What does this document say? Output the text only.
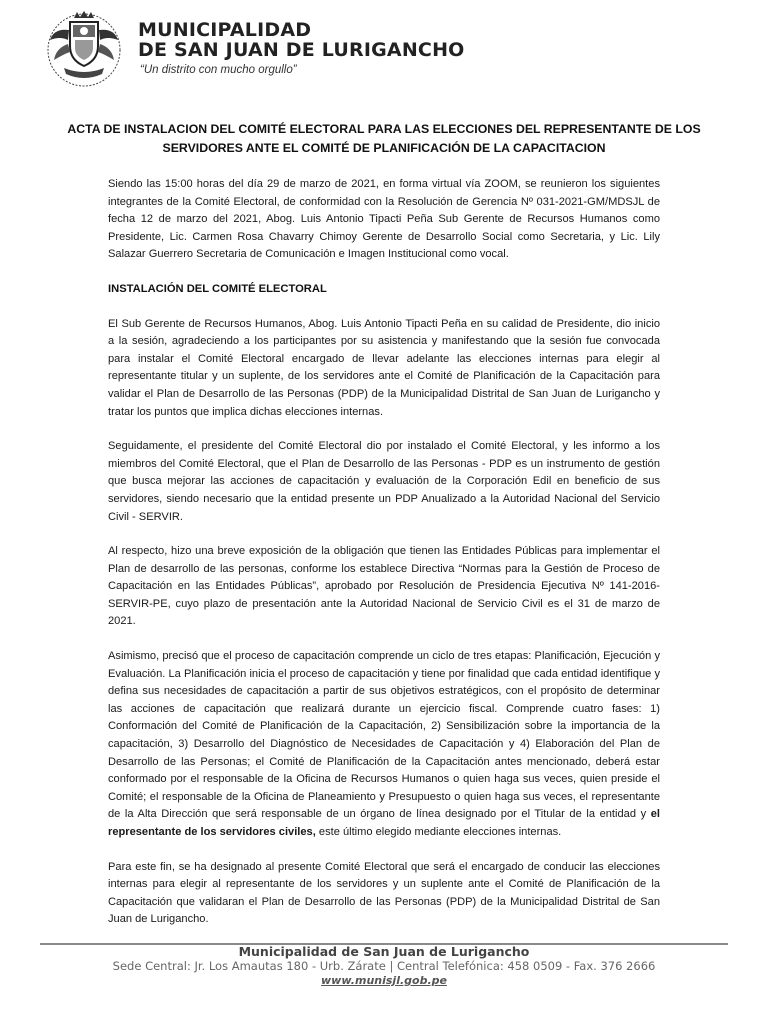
MUNICIPALIDAD
DE SAN JUAN DE LURIGANCHO
“Un distrito con mucho orgullo”
ACTA DE INSTALACION DEL COMITÉ ELECTORAL PARA LAS ELECCIONES DEL REPRESENTANTE DE LOS SERVIDORES ANTE EL COMITÉ DE PLANIFICACIÓN DE LA CAPACITACION

Siendo las 15:00 horas del día 29 de marzo de 2021, en forma virtual vía ZOOM, se reunieron los siguientes integrantes de la Comité Electoral, de conformidad con la Resolución de Gerencia Nº 031-2021-GM/MDSJL de fecha 12 de marzo del 2021, Abog. Luis Antonio Tipacti Peña Sub Gerente de Recursos Humanos como Presidente, Lic. Carmen Rosa Chavarry Chimoy Gerente de Desarrollo Social como Secretaria, y Lic. Lily Salazar Guerrero Secretaria de Comunicación e Imagen Institucional como vocal.

INSTALACIÓN DEL COMITÉ ELECTORAL

El Sub Gerente de Recursos Humanos, Abog. Luis Antonio Tipacti Peña en su calidad de Presidente, dio inicio a la sesión, agradeciendo a los participantes por su asistencia y manifestando que la sesión fue convocada para instalar el Comité Electoral encargado de llevar adelante las elecciones internas para elegir al representante titular y un suplente, de los servidores ante el Comité de Planificación de la Capacitación para validar el Plan de Desarrollo de las Personas (PDP) de la Municipalidad Distrital de San Juan de Lurigancho y tratar los puntos que implica dichas elecciones internas.

Seguidamente, el presidente del Comité Electoral dio por instalado el Comité Electoral, y les informo a los miembros del Comité Electoral, que el Plan de Desarrollo de las Personas - PDP es un instrumento de gestión que busca mejorar las acciones de capacitación y evaluación de la Corporación Edil en beneficio de sus servidores, siendo necesario que la entidad presente un PDP Anualizado a la Autoridad Nacional del Servicio Civil - SERVIR.

Al respecto, hizo una breve exposición de la obligación que tienen las Entidades Públicas para implementar el Plan de desarrollo de las personas, conforme los establece Directiva “Normas para la Gestión de Proceso de Capacitación en las Entidades Públicas”, aprobado por Resolución de Presidencia Ejecutiva Nº 141-2016-SERVIR-PE, cuyo plazo de presentación ante la Autoridad Nacional de Servicio Civil es el 31 de marzo de 2021.

Asimismo, precisó que el proceso de capacitación comprende un ciclo de tres etapas: Planificación, Ejecución y Evaluación. La Planificación inicia el proceso de capacitación y tiene por finalidad que cada entidad identifique y defina sus necesidades de capacitación a partir de sus objetivos estratégicos, con el propósito de determinar las acciones de capacitación que realizará durante un ejercicio fiscal. Comprende cuatro fases: 1) Conformación del Comité de Planificación de la Capacitación, 2) Sensibilización sobre la importancia de la capacitación, 3) Desarrollo del Diagnóstico de Necesidades de Capacitación y 4) Elaboración del Plan de Desarrollo de las Personas; el Comité de Planificación de la Capacitación antes mencionado, deberá estar conformado por el responsable de la Oficina de Recursos Humanos o quien haga sus veces, quien preside el Comité; el responsable de la Oficina de Planeamiento y Presupuesto o quien haga sus veces, el representante de la Alta Dirección que será responsable de un órgano de línea designado por el Titular de la entidad y el representante de los servidores civiles, este último elegido mediante elecciones internas.

Para este fin, se ha designado al presente Comité Electoral que será el encargado de conducir las elecciones internas para elegir al representante de los servidores y un suplente ante el Comité de Planificación de la Capacitación que validaran el Plan de Desarrollo de las Personas (PDP) de la Municipalidad Distrital de San Juan de Lurigancho.

Municipalidad de San Juan de Lurigancho
Sede Central: Jr. Los Amautas 180 - Urb. Zárate | Central Telefónica: 458 0509 - Fax. 376 2666
www.munisjl.gob.pe
